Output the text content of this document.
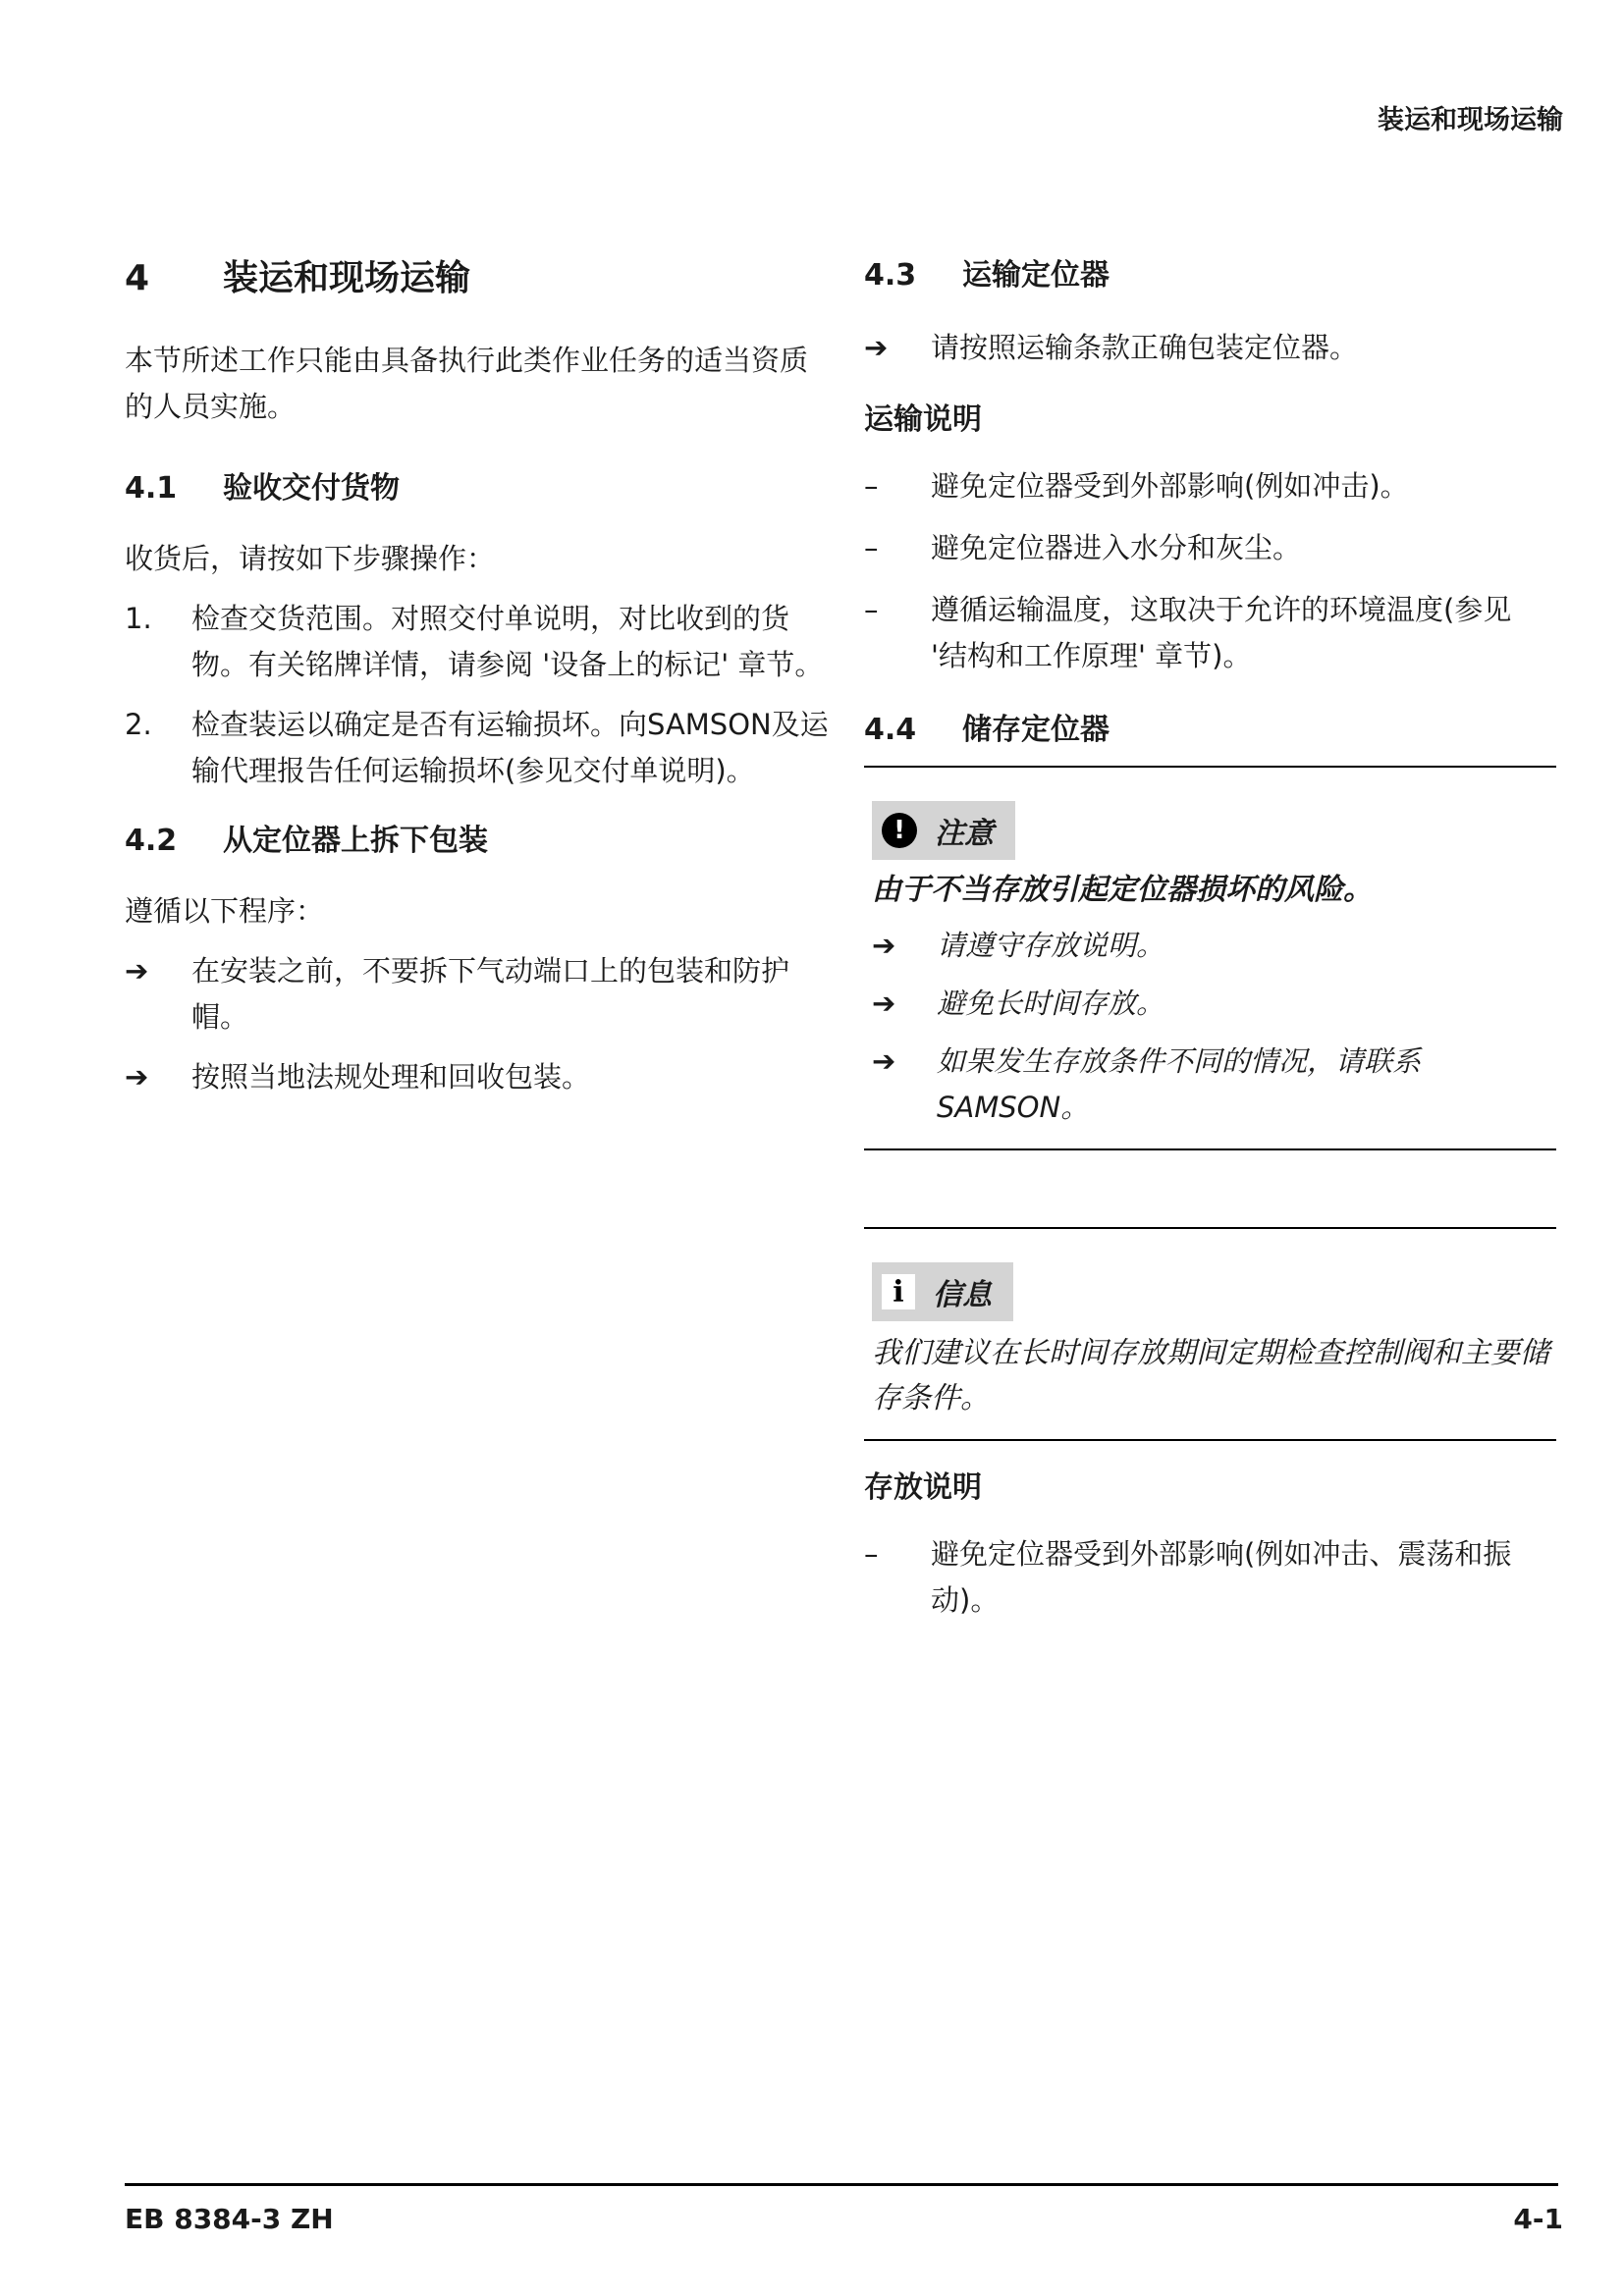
装运和现场运输
4	装运和现场运输

本节所述工作只能由具备执行此类作业任务的适当资质的人员实施。

4.1	验收交付货物

收货后，请按如下步骤操作：

1.	检查交货范围。对照交付单说明，对比收到的货物。有关铭牌详情，请参阅 '设备上的标记' 章节。
2.	检查装运以确定是否有运输损坏。向SAMSON及运输代理报告任何运输损坏(参见交付单说明)。
4.2	从定位器上拆下包装

遵循以下程序：

➔	在安装之前，不要拆下气动端口上的包装和防护帽。
➔	按照当地法规处理和回收包装。
4.3	运输定位器
➔	请按照运输条款正确包装定位器。
运输说明
–	避免定位器受到外部影响(例如冲击)。
–	避免定位器进入水分和灰尘。
–	遵循运输温度，这取决于允许的环境温度(参见 '结构和工作原理' 章节)。
4.4	储存定位器
!	注意
由于不当存放引起定位器损坏的风险。
➔	请遵守存放说明。
➔	避免长时间存放。
➔	如果发生存放条件不同的情况，请联系SAMSON。
i 信息
我们建议在长时间存放期间定期检查控制阀和主要储存条件。
存放说明
–	避免定位器受到外部影响(例如冲击、震荡和振动)。
EB 8384-3 ZH	4-1
